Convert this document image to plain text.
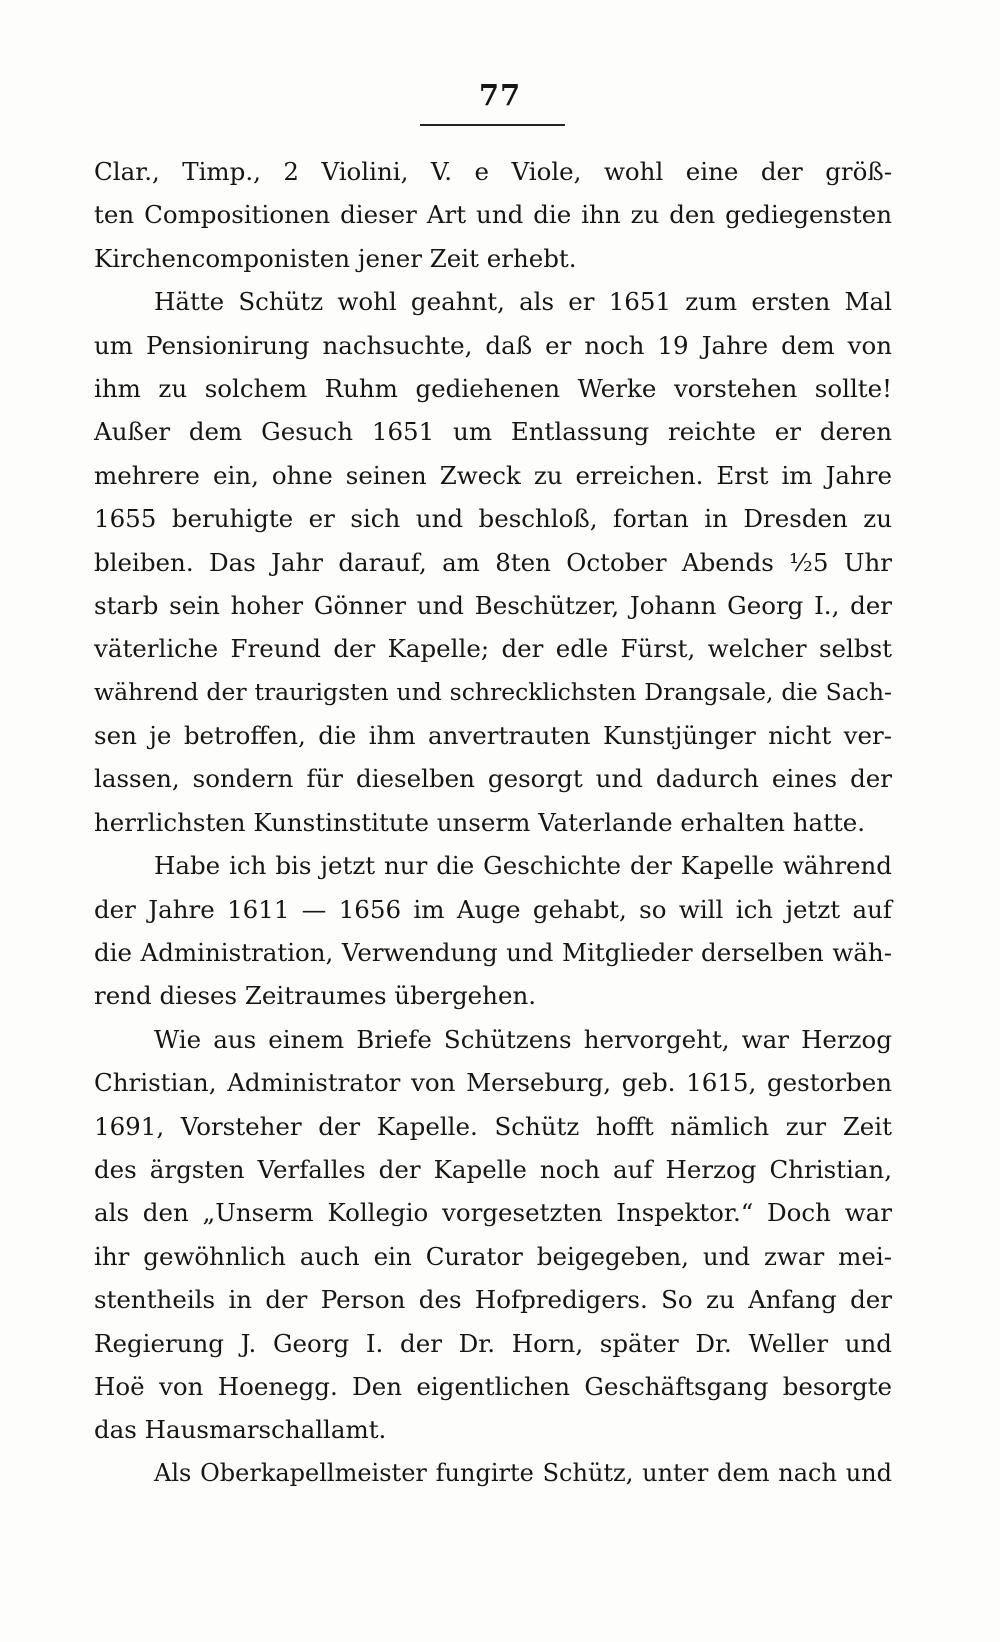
77
Clar., Timp., 2 Violini, V. e Viole, wohl eine der größ-
ten Compositionen dieser Art und die ihn zu den gediegensten
Kirchencomponisten jener Zeit erhebt.
Hätte Schütz wohl geahnt, als er 1651 zum ersten Mal
um Pensionirung nachsuchte, daß er noch 19 Jahre dem von
ihm zu solchem Ruhm gediehenen Werke vorstehen sollte!
Außer dem Gesuch 1651 um Entlassung reichte er deren
mehrere ein, ohne seinen Zweck zu erreichen. Erst im Jahre
1655 beruhigte er sich und beschloß, fortan in Dresden zu
bleiben. Das Jahr darauf, am 8ten October Abends ½5 Uhr
starb sein hoher Gönner und Beschützer, Johann Georg I., der
väterliche Freund der Kapelle; der edle Fürst, welcher selbst
während der traurigsten und schrecklichsten Drangsale, die Sach-
sen je betroffen, die ihm anvertrauten Kunstjünger nicht ver-
lassen, sondern für dieselben gesorgt und dadurch eines der
herrlichsten Kunstinstitute unserm Vaterlande erhalten hatte.
Habe ich bis jetzt nur die Geschichte der Kapelle während
der Jahre 1611 — 1656 im Auge gehabt, so will ich jetzt auf
die Administration, Verwendung und Mitglieder derselben wäh-
rend dieses Zeitraumes übergehen.
Wie aus einem Briefe Schützens hervorgeht, war Herzog
Christian, Administrator von Merseburg, geb. 1615, gestorben
1691, Vorsteher der Kapelle. Schütz hofft nämlich zur Zeit
des ärgsten Verfalles der Kapelle noch auf Herzog Christian,
als den „Unserm Kollegio vorgesetzten Inspektor.“ Doch war
ihr gewöhnlich auch ein Curator beigegeben, und zwar mei-
stentheils in der Person des Hofpredigers. So zu Anfang der
Regierung J. Georg I. der Dr. Horn, später Dr. Weller und
Hoë von Hoenegg. Den eigentlichen Geschäftsgang besorgte
das Hausmarschallamt.
Als Oberkapellmeister fungirte Schütz, unter dem nach und
